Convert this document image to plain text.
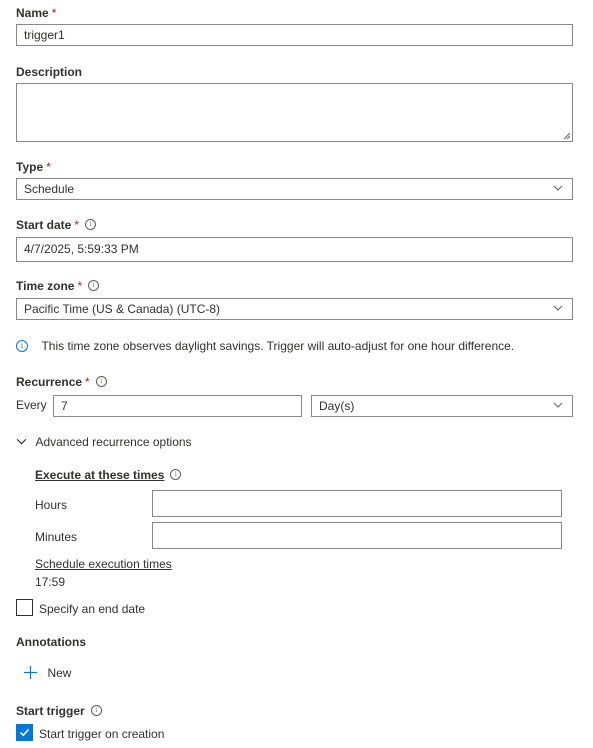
Name *
trigger1
Description
Type *
Schedule
Start date * i
4/7/2025, 5:59:33 PM
Time zone * i
Pacific Time (US & Canada) (UTC-8)
i This time zone observes daylight savings. Trigger will auto-adjust for one hour difference.
Recurrence * i
Every	7	Day(s)
Advanced recurrence options
Execute at these times i
Hours
Minutes
Schedule execution times
17:59
Specify an end date
Annotations
New
Start trigger i
Start trigger on creation
